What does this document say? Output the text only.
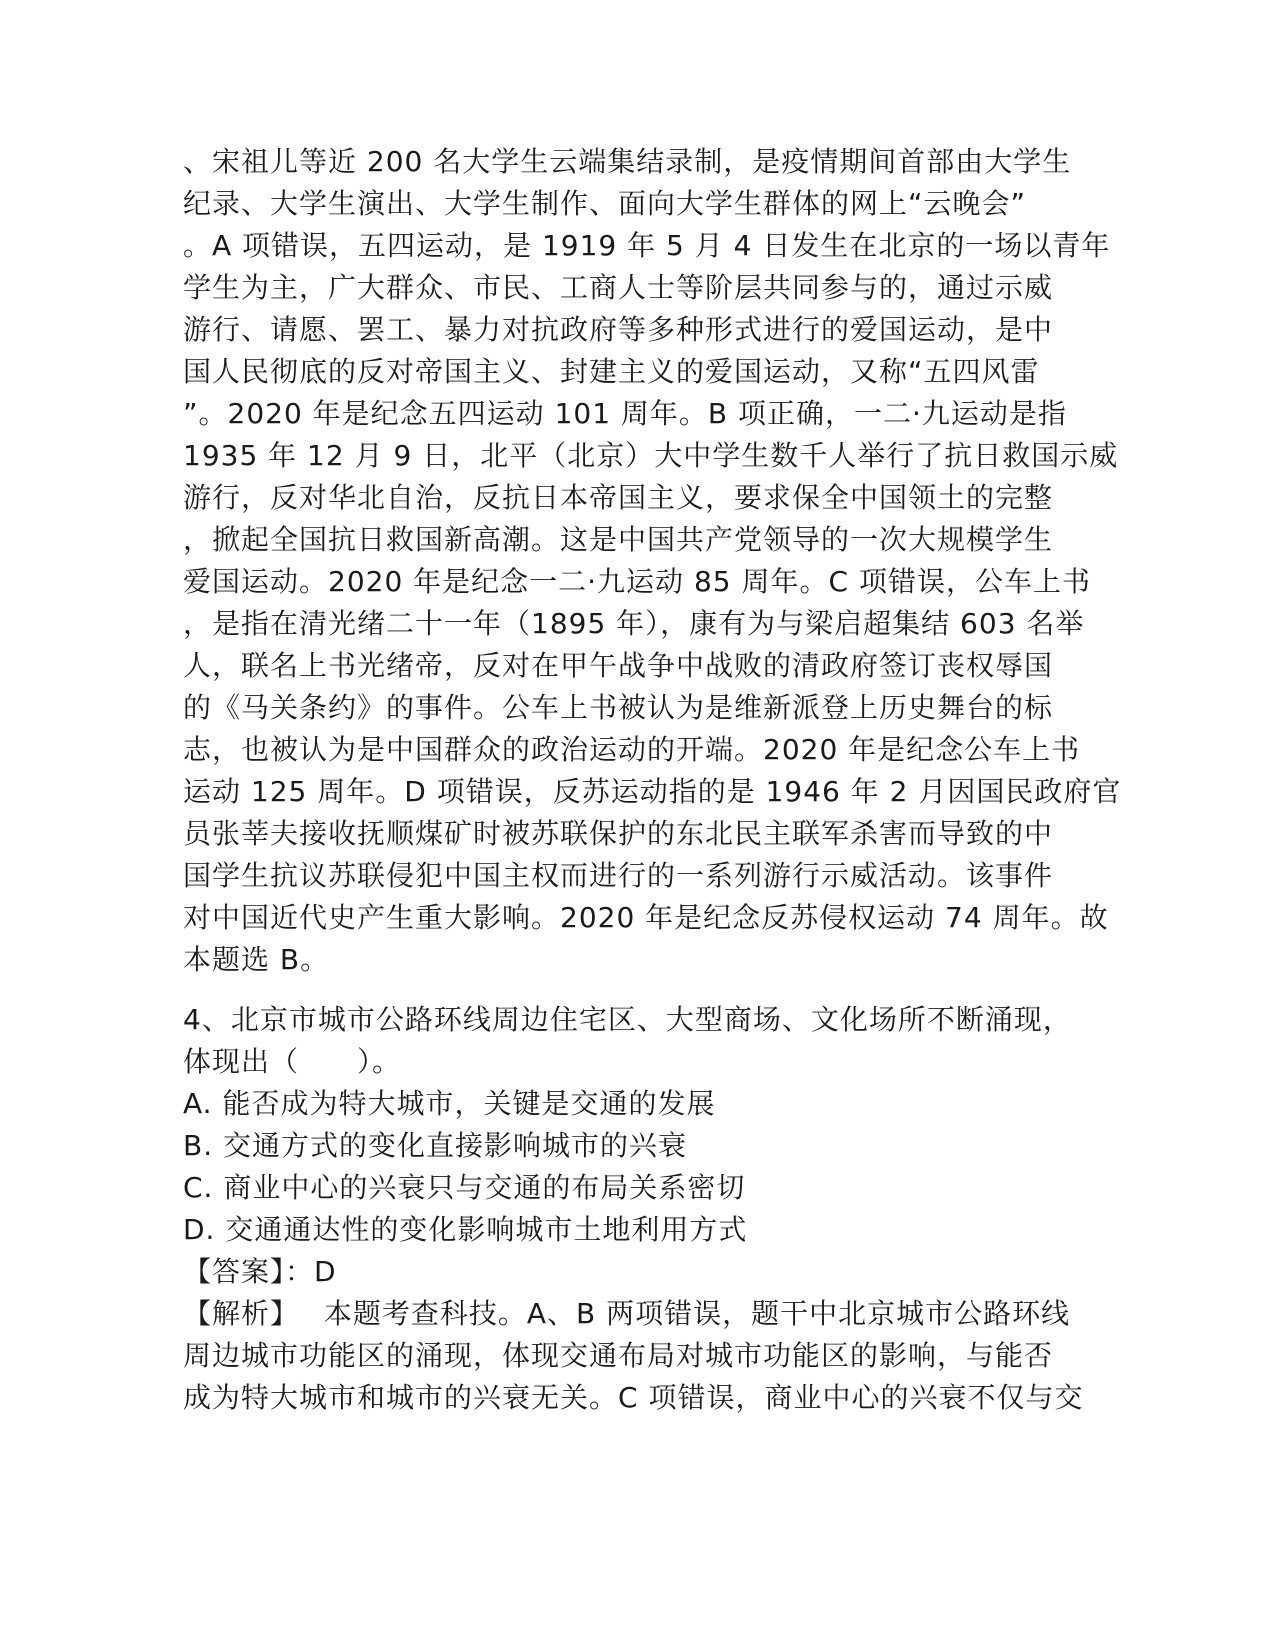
、宋祖儿等近 200 名大学生云端集结录制，是疫情期间首部由大学生
纪录、大学生演出、大学生制作、面向大学生群体的网上“云晚会”
。A 项错误，五四运动，是 1919 年 5 月 4 日发生在北京的一场以青年
学生为主，广大群众、市民、工商人士等阶层共同参与的，通过示威
游行、请愿、罢工、暴力对抗政府等多种形式进行的爱国运动，是中
国人民彻底的反对帝国主义、封建主义的爱国运动，又称“五四风雷
”。2020 年是纪念五四运动 101 周年。B 项正确，一二·九运动是指
1935 年 12 月 9 日，北平（北京）大中学生数千人举行了抗日救国示威
游行，反对华北自治，反抗日本帝国主义，要求保全中国领土的完整
，掀起全国抗日救国新高潮。这是中国共产党领导的一次大规模学生
爱国运动。2020 年是纪念一二·九运动 85 周年。C 项错误，公车上书
，是指在清光绪二十一年（1895 年），康有为与梁启超集结 603 名举
人，联名上书光绪帝，反对在甲午战争中战败的清政府签订丧权辱国
的《马关条约》的事件。公车上书被认为是维新派登上历史舞台的标
志，也被认为是中国群众的政治运动的开端。2020 年是纪念公车上书
运动 125 周年。D 项错误，反苏运动指的是 1946 年 2 月因国民政府官
员张莘夫接收抚顺煤矿时被苏联保护的东北民主联军杀害而导致的中
国学生抗议苏联侵犯中国主权而进行的一系列游行示威活动。该事件
对中国近代史产生重大影响。2020 年是纪念反苏侵权运动 74 周年。故
本题选 B。
4、北京市城市公路环线周边住宅区、大型商场、文化场所不断涌现，
体现出（　　）。
A. 能否成为特大城市，关键是交通的发展
B. 交通方式的变化直接影响城市的兴衰
C. 商业中心的兴衰只与交通的布局关系密切
D. 交通通达性的变化影响城市土地利用方式
【答案】：D
【解析】　 本题考查科技。A、B 两项错误，题干中北京城市公路环线
周边城市功能区的涌现，体现交通布局对城市功能区的影响，与能否
成为特大城市和城市的兴衰无关。C 项错误，商业中心的兴衰不仅与交
